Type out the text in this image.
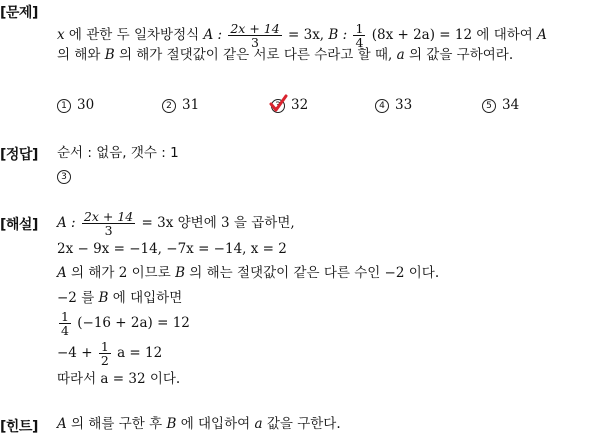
[문제]
x 에 관한 두 일차방정식 A : $\frac{2x + 14}{3} = 3x$, B : $\frac{1}{4} (8x + 2a) = 12$ 에 대하여 A
의 해와 B 의 해가 절댓값이 같은 서로 다른 수라고 할 때, a 의 값을 구하여라.
1 30	2 31	3 32	4 33	5 34
[정답] 순서 : 없음, 갯수 : 1
3
[해설] A : $\frac{2x + 14}{3} = 3x$ 양변에 3 을 곱하면,
2x − 9x = −14, −7x = −14, x = 2
A 의 해가 2 이므로 B 의 해는 절댓값이 같은 다른 수인 −2 이다.
−2 를 B 에 대입하면
$\frac{1}{4} (-16 + 2a) = 12$
$-4 + \frac{1}{2}$ a = 12
따라서 a = 32 이다.
[힌트] A 의 해를 구한 후 B 에 대입하여 a 값을 구한다.
